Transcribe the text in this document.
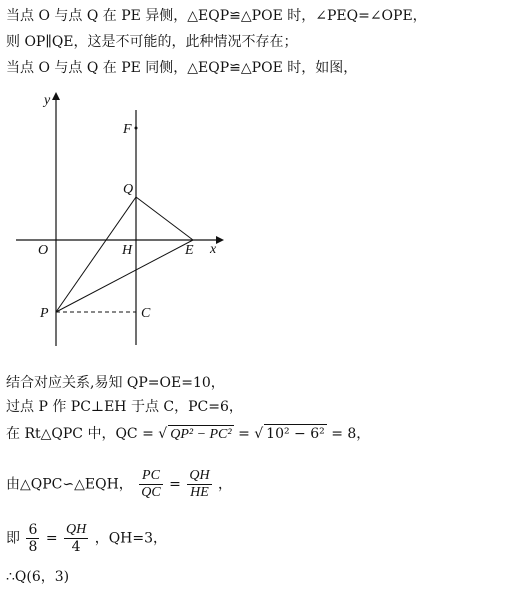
当点 O 与点 Q 在 PE 异侧，△EQP≌△POE 时，∠PEQ=∠OPE，
则 OP∥QE，这是不可能的，此种情况不存在；
当点 O 与点 Q 在 PE 同侧，△EQP≌△POE 时，如图，
y
F
Q
O	H	E x
P	C
结合对应关系,易知 QP=OE=10，
过点 P 作 PC⊥EH 于点 C，PC=6，
在 Rt△QPC 中，QC = √ QP² − PC² = √ 10² − 6² = 8，
由△QPC∽△EQH， $\frac{PC}{QC} = \frac{QH}{HE}$ ，
即 $\frac{6}{8} = \frac{QH}{4}$ ，QH=3，
∴Q(6，3)
